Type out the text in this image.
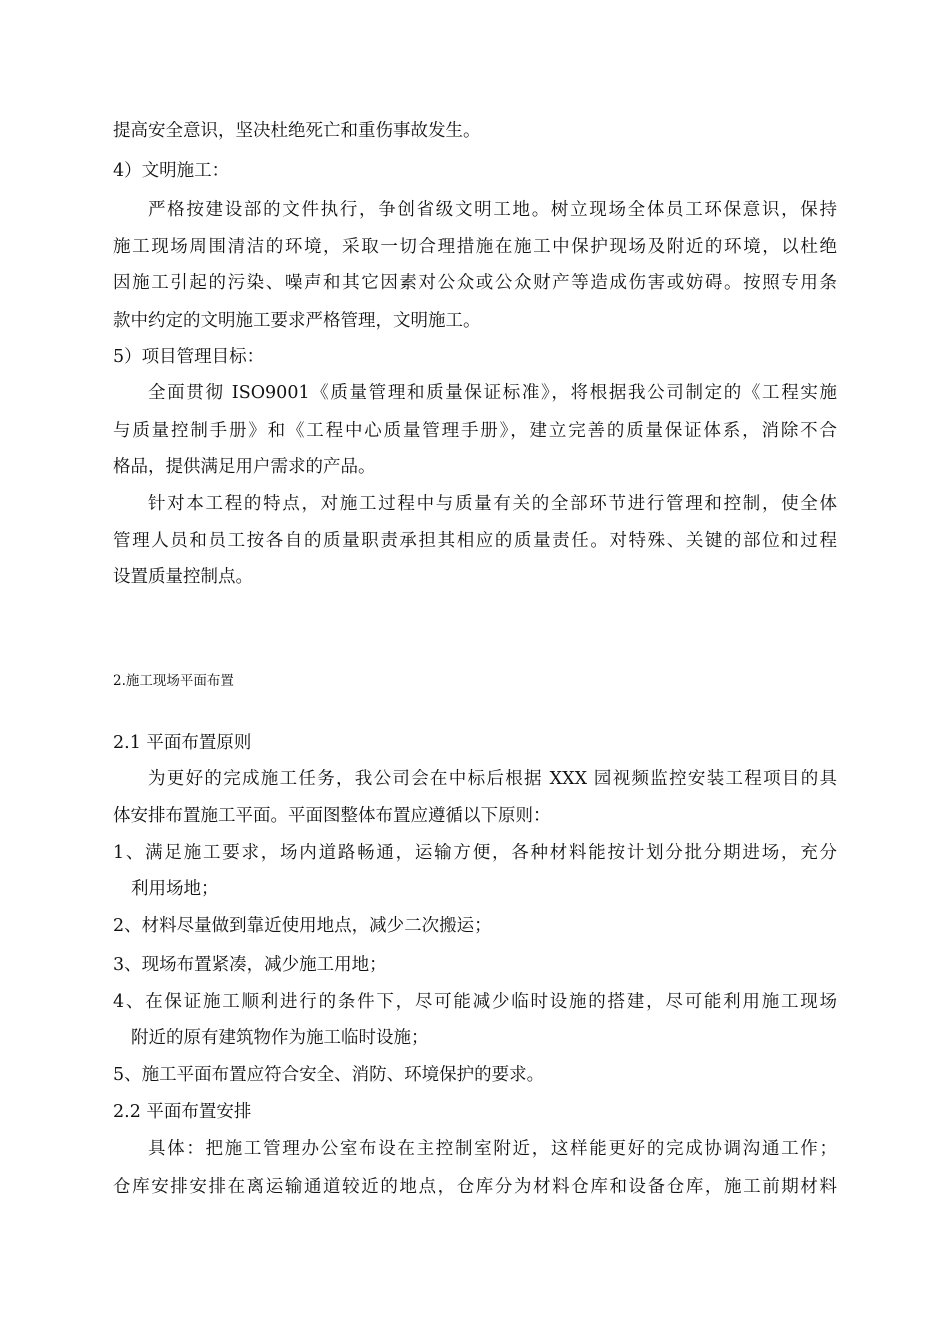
提高安全意识，坚决杜绝死亡和重伤事故发生。
4）文明施工：
严格按建设部的文件执行，争创省级文明工地。树立现场全体员工环保意识，保持
施工现场周围清洁的环境，采取一切合理措施在施工中保护现场及附近的环境，以杜绝
因施工引起的污染、噪声和其它因素对公众或公众财产等造成伤害或妨碍。按照专用条
款中约定的文明施工要求严格管理，文明施工。
5）项目管理目标：
全面贯彻 ISO9001《质量管理和质量保证标准》，将根据我公司制定的《工程实施
与质量控制手册》和《工程中心质量管理手册》，建立完善的质量保证体系，消除不合
格品，提供满足用户需求的产品。
针对本工程的特点，对施工过程中与质量有关的全部环节进行管理和控制，使全体
管理人员和员工按各自的质量职责承担其相应的质量责任。对特殊、关键的部位和过程
设置质量控制点。
2.施工现场平面布置
2.1 平面布置原则
为更好的完成施工任务，我公司会在中标后根据 XXX 园视频监控安装工程项目的具
体安排布置施工平面。平面图整体布置应遵循以下原则：
1、满足施工要求，场内道路畅通，运输方便，各种材料能按计划分批分期进场，充分
利用场地；
2、材料尽量做到靠近使用地点，减少二次搬运；
3、现场布置紧凑，减少施工用地；
4、在保证施工顺利进行的条件下，尽可能减少临时设施的搭建，尽可能利用施工现场
附近的原有建筑物作为施工临时设施；
5、施工平面布置应符合安全、消防、环境保护的要求。
2.2 平面布置安排
具体：把施工管理办公室布设在主控制室附近，这样能更好的完成协调沟通工作；
仓库安排安排在离运输通道较近的地点，仓库分为材料仓库和设备仓库，施工前期材料
